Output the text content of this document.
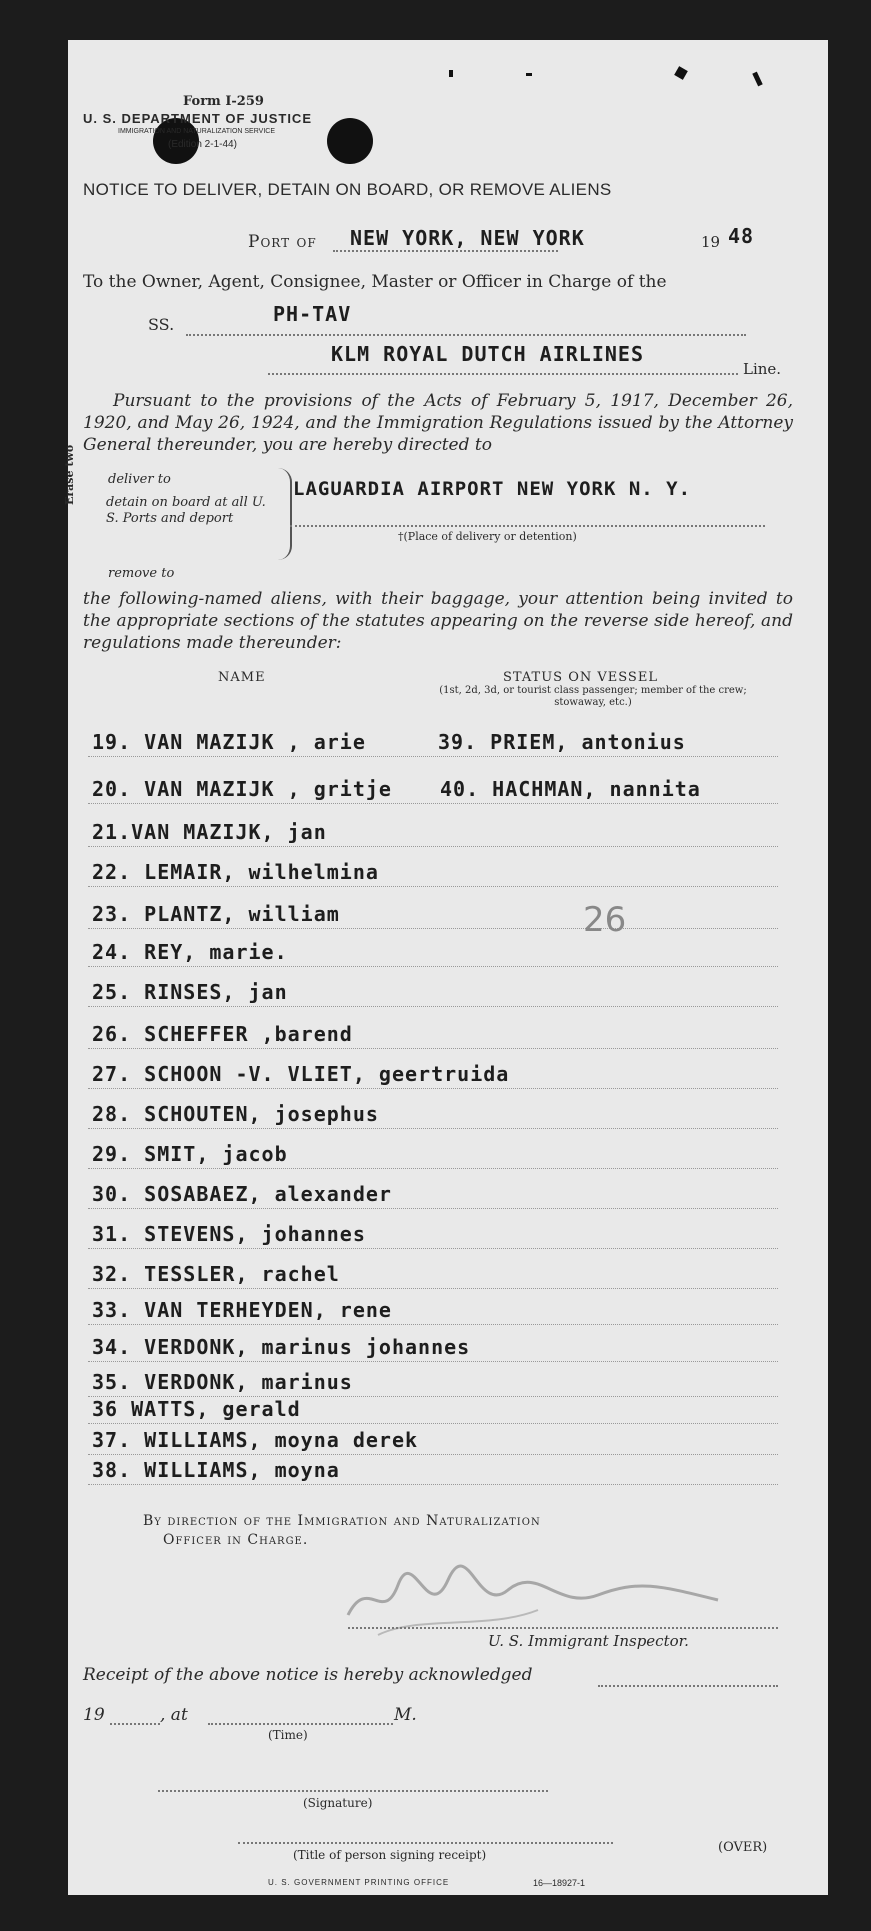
Form I-259
U. S. DEPARTMENT OF JUSTICE
IMMIGRATION AND NATURALIZATION SERVICE
(Edition 2-1-44)
NOTICE TO DELIVER, DETAIN ON BOARD, OR REMOVE ALIENS
Port of NEW YORK, NEW YORK	19 48
To the Owner, Agent, Consignee, Master or Officer in Charge of the
SS.	PH-TAV
KLM ROYAL DUTCH AIRLINES
Line.
Pursuant to the provisions of the Acts of February 5, 1917, December 26, 1920, and May 26, 1924, and the Immigration Regulations issued by the Attorney General thereunder, you are hereby directed to
Erase two deliver to
detain on board at all U. S. Ports and deport
remove to
LAGUARDIA AIRPORT NEW YORK N. Y.
†(Place of delivery or detention)
the following-named aliens, with their baggage, your attention being invited to the appropriate sections of the statutes appearing on the reverse side hereof, and regulations made thereunder:
NAME	STATUS ON VESSEL
(1st, 2d, 3d, or tourist class passenger; member of the crew; stowaway, etc.)
19. VAN MAZIJK , arie
20. VAN MAZIJK , gritje
21.VAN MAZIJK, jan
22. LEMAIR, wilhelmina
23. PLANTZ, william
24. REY, marie.
25. RINSES, jan
26. SCHEFFER ,barend
27. SCHOON -V. VLIET, geertruida
28. SCHOUTEN, josephus
29. SMIT, jacob
30. SOSABAEZ, alexander
31. STEVENS, johannes
32. TESSLER, rachel
33. VAN TERHEYDEN, rene
34. VERDONK, marinus johannes
35. VERDONK, marinus
36 WATTS, gerald
37. WILLIAMS, moyna derek
38. WILLIAMS, moyna
39. PRIEM, antonius
40. HACHMAN, nannita
26
By direction of the Immigration and Naturalization
Officer in Charge.
U. S. Immigrant Inspector.
Receipt of the above notice is hereby acknowledged
19	, at	M.
(Time)
(Signature)
(Title of person signing receipt)
U. S. GOVERNMENT PRINTING OFFICE	16—18927-1
(OVER)
